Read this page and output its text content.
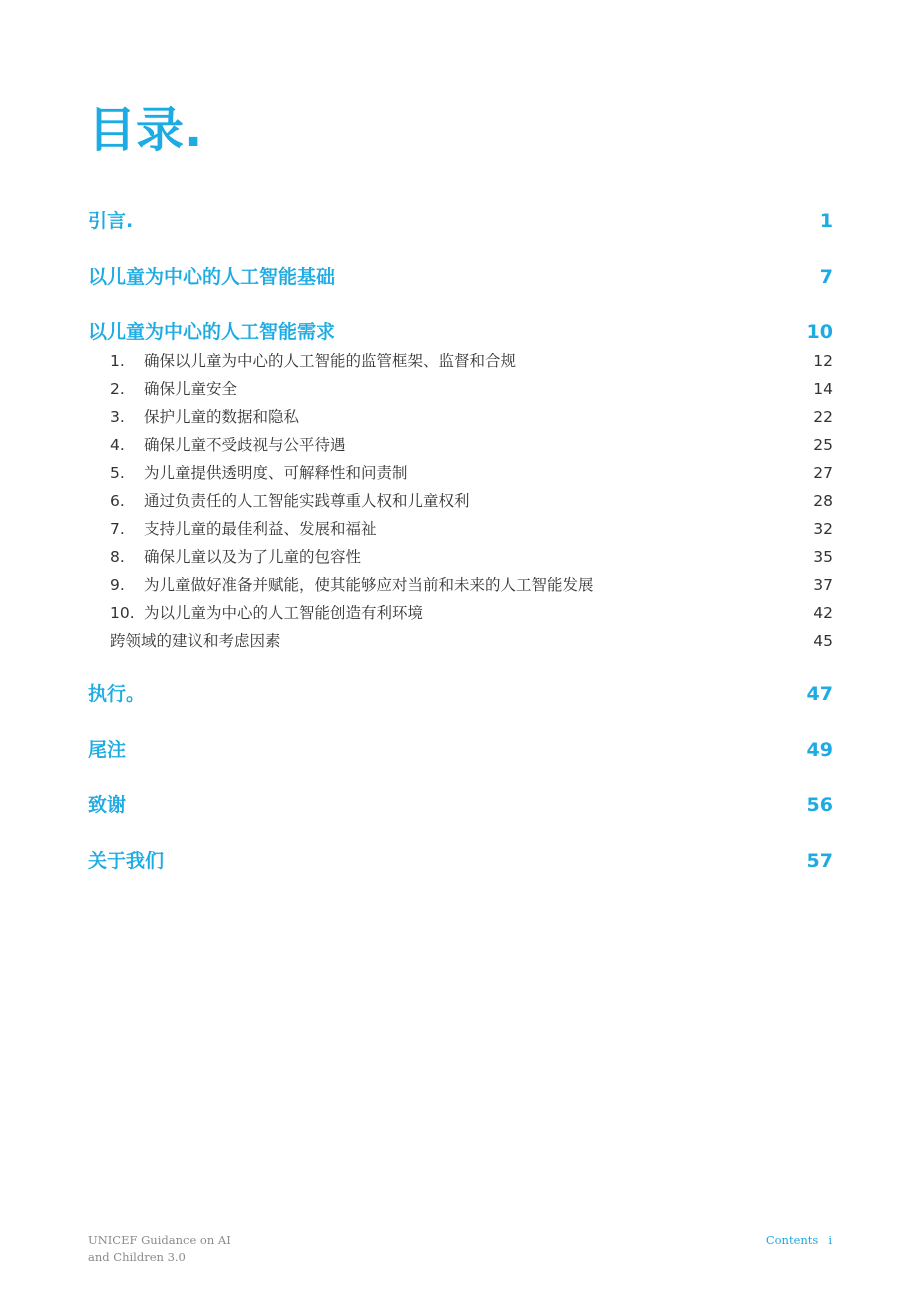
目录.
引言.	1
以儿童为中心的人工智能基础	7
以儿童为中心的人工智能需求	10
1. 确保以儿童为中心的人工智能的监管框架、监督和合规	12
2. 确保儿童安全	14
3. 保护儿童的数据和隐私	22
4. 确保儿童不受歧视与公平待遇	25
5. 为儿童提供透明度、可解释性和问责制	27
6. 通过负责任的人工智能实践尊重人权和儿童权利	28
7. 支持儿童的最佳利益、发展和福祉	32
8. 确保儿童以及为了儿童的包容性	35
9. 为儿童做好准备并赋能，使其能够应对当前和未来的人工智能发展	37
10. 为以儿童为中心的人工智能创造有利环境	42
跨领域的建议和考虑因素	45
执行。	47
尾注	49
致谢	56
关于我们	57
UNICEF Guidance on AI
and Children 3.0
Contents i
